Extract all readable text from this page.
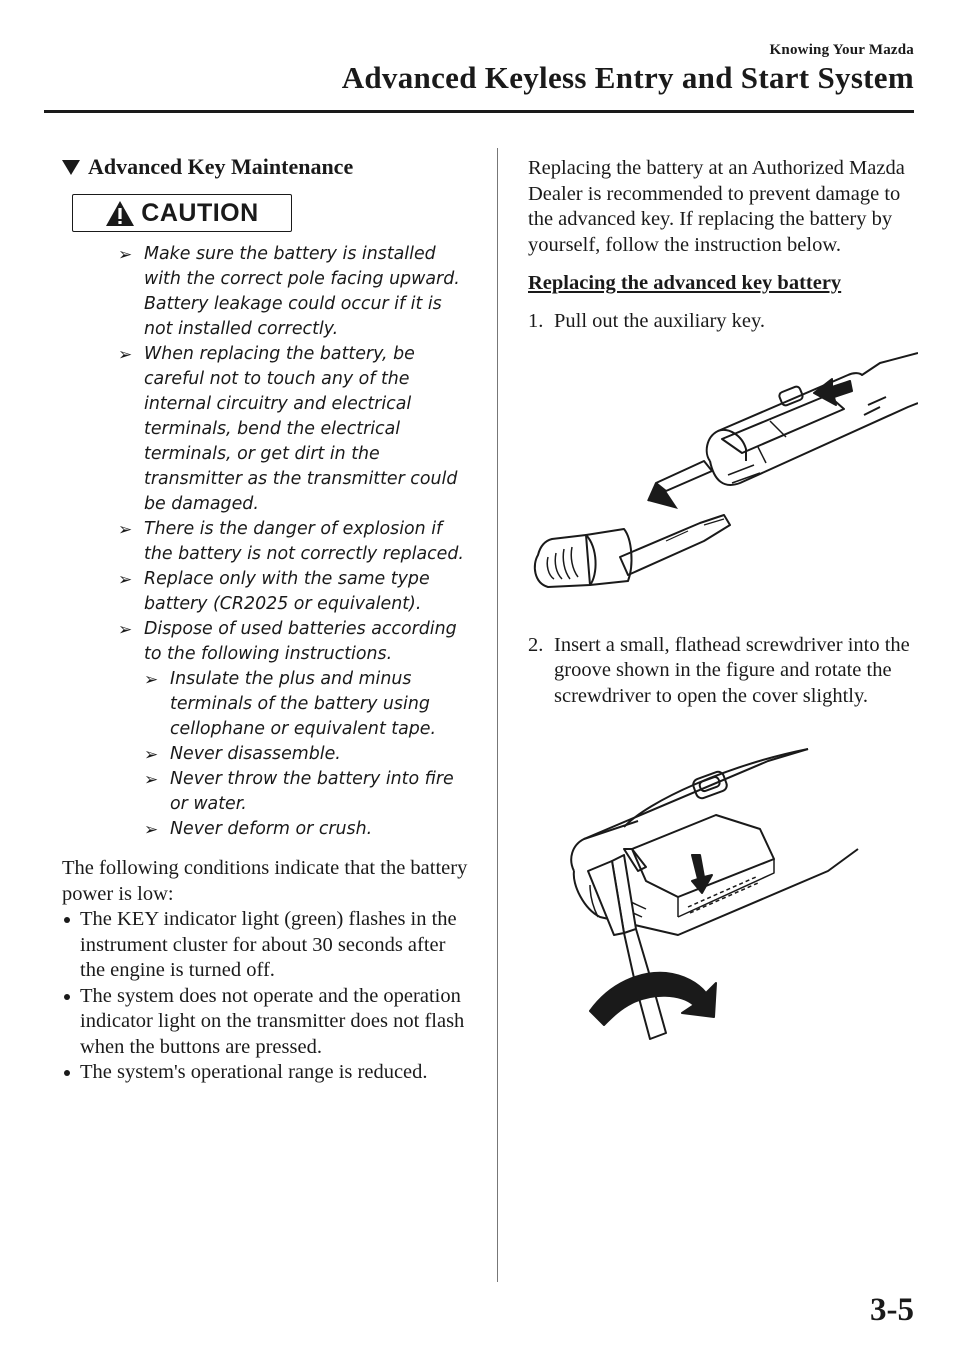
Knowing Your Mazda
Advanced Keyless Entry and Start System
Advanced Key Maintenance
CAUTION
➢ Make sure the battery is installed with the correct pole facing upward. Battery leakage could occur if it is not installed correctly.
➢ When replacing the battery, be careful not to touch any of the internal circuitry and electrical terminals, bend the electrical terminals, or get dirt in the transmitter as the transmitter could be damaged.
➢ There is the danger of explosion if the battery is not correctly replaced.
➢ Replace only with the same type battery (CR2025 or equivalent).
➢ Dispose of used batteries according to the following instructions.
➢ Insulate the plus and minus terminals of the battery using cellophane or equivalent tape.
➢ Never disassemble.
➢ Never throw the battery into fire or water.
➢ Never deform or crush.

The following conditions indicate that the battery power is low:

The KEY indicator light (green) flashes in the instrument cluster for about 30 seconds after the engine is turned off.
The system does not operate and the operation indicator light on the transmitter does not flash when the buttons are pressed.
The system's operational range is reduced.

Replacing the battery at an Authorized Mazda Dealer is recommended to prevent damage to the advanced key. If replacing the battery by yourself, follow the instruction below.

Replacing the advanced key battery
1. Pull out the auxiliary key.
2. Insert a small, flathead screwdriver into the groove shown in the figure and rotate the screwdriver to open the cover slightly.
3-5
